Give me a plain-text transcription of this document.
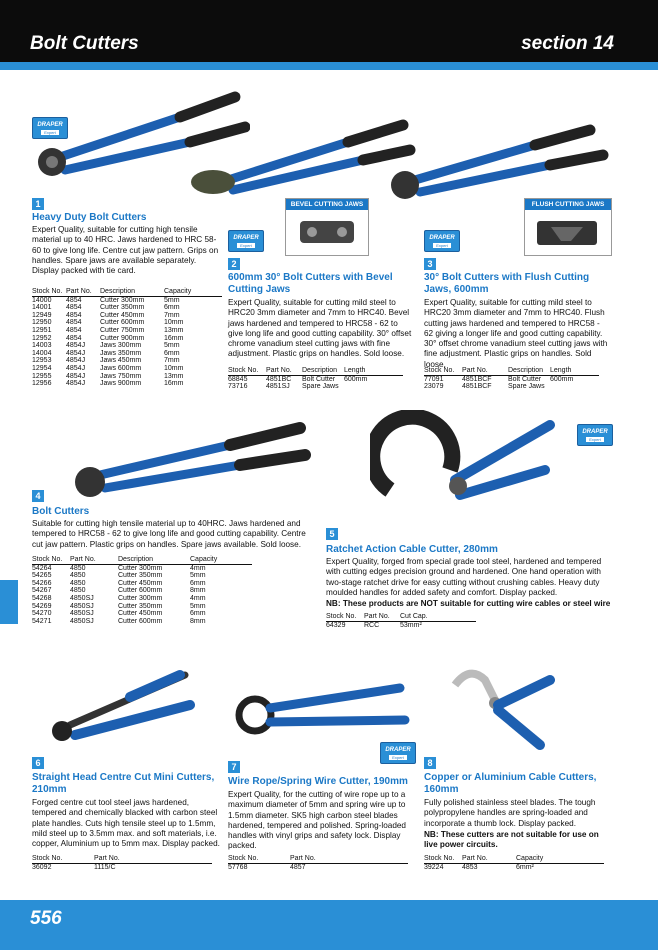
Bolt Cutters	section 14
556
DRAPER
Expert
1
Heavy Duty Bolt Cutters
Expert Quality, suitable for cutting high tensile material up to 40 HRC. Jaws hardened to HRC 58-60 to give long life. Centre cut jaw pattern. Grips on handles. Spare jaws are available separately. Display packed with tie card.
Stock No.	Part No.	Description	Capacity
14000	4854	Cutter 300mm	5mm
14001	4854	Cutter 350mm	6mm
12949	4854	Cutter 450mm	7mm
12950	4854	Cutter 600mm	10mm
12951	4854	Cutter 750mm	13mm
12952	4854	Cutter 900mm	16mm
14003	4854J	Jaws 300mm	5mm
14004	4854J	Jaws 350mm	6mm
12953	4854J	Jaws 450mm	7mm
12954	4854J	Jaws 600mm	10mm
12955	4854J	Jaws 750mm	13mm
12956	4854J	Jaws 900mm	16mm
BEVEL CUTTING JAWS
DRAPER
Expert
2
600mm 30° Bolt Cutters with Bevel Cutting Jaws
Expert Quality, suitable for cutting mild steel to HRC20 3mm diameter and 7mm to HRC40. Bevel jaws hardened and tempered to HRC58 - 62 to give long life and good cutting capability. 30° offset chrome vanadium steel cutting jaws with fine adjustment. Plastic grips on handles. Sold loose.
Stock No.	Part No.	Description	Length
68845	4851BC	Bolt Cutter	600mm
73716	4851SJ	Spare Jaws	
FLUSH CUTTING JAWS
DRAPER
Expert
3
30° Bolt Cutters with Flush Cutting Jaws, 600mm
Expert Quality, suitable for cutting mild steel to HRC20 3mm diameter and 7mm to HRC40. Flush cutting jaws hardened and tempered to HRC58 - 62 giving a longer life and good cutting capability. 30° offset chrome vanadium steel cutting jaws with fine adjustment. Plastic grips on handles. Sold loose.
Stock No.	Part No.	Description	Length
77091	4851BCF	Bolt Cutter	600mm
23079	4851BCF	Spare Jaws	
4
Bolt Cutters
Suitable for cutting high tensile material up to 40HRC. Jaws hardened and tempered to HRC58 - 62 to give long life and good cutting capability. Centre cut jaw pattern. Plastic grips on handles. Spare jaws available. Sold loose.
Stock No.	Part No.	Description	Capacity
54264	4850	Cutter 300mm	4mm
54265	4850	Cutter 350mm	5mm
54266	4850	Cutter 450mm	6mm
54267	4850	Cutter 600mm	8mm
54268	4850SJ	Cutter 300mm	4mm
54269	4850SJ	Cutter 350mm	5mm
54270	4850SJ	Cutter 450mm	6mm
54271	4850SJ	Cutter 600mm	8mm
DRAPER
Expert
5
Ratchet Action Cable Cutter, 280mm
Expert Quality, forged from special grade tool steel, hardened and tempered with cutting edges precision ground and hardened. One hand operation with two-stage ratchet drive for easy cutting without crushing cables. Heavy duty moulded handles for added safety and comfort. Display packed.
NB: These products are NOT suitable for cutting wire cables or steel wire
Stock No.	Part No.	Cut Cap.
64329	RCC	53mm²
6
Straight Head Centre Cut Mini Cutters, 210mm
Forged centre cut tool steel jaws hardened, tempered and chemically blacked with carbon steel plate handles. Cuts high tensile steel up to 1.5mm, mild steel up to 3.5mm max. and soft materials, i.e. copper, Aluminium up to 5mm max. Display packed.
Stock No.	Part No.
36092	1115/C
DRAPER
Expert
7
Wire Rope/Spring Wire Cutter, 190mm
Expert Quality, for the cutting of wire rope up to a maximum diameter of 5mm and spring wire up to 1.5mm diameter. SK5 high carbon steel blades hardened, tempered and polished. Spring-loaded handles with vinyl grips and safety lock. Display packed.
Stock No.	Part No.
57768	4857
8
Copper or Aluminium Cable Cutters, 160mm
Fully polished stainless steel blades. The tough polypropylene handles are spring-loaded and incorporate a thumb lock. Display packed.
NB: These cutters are not suitable for use on live power circuits.
Stock No.	Part No.	Capacity
39224	4853	6mm²
